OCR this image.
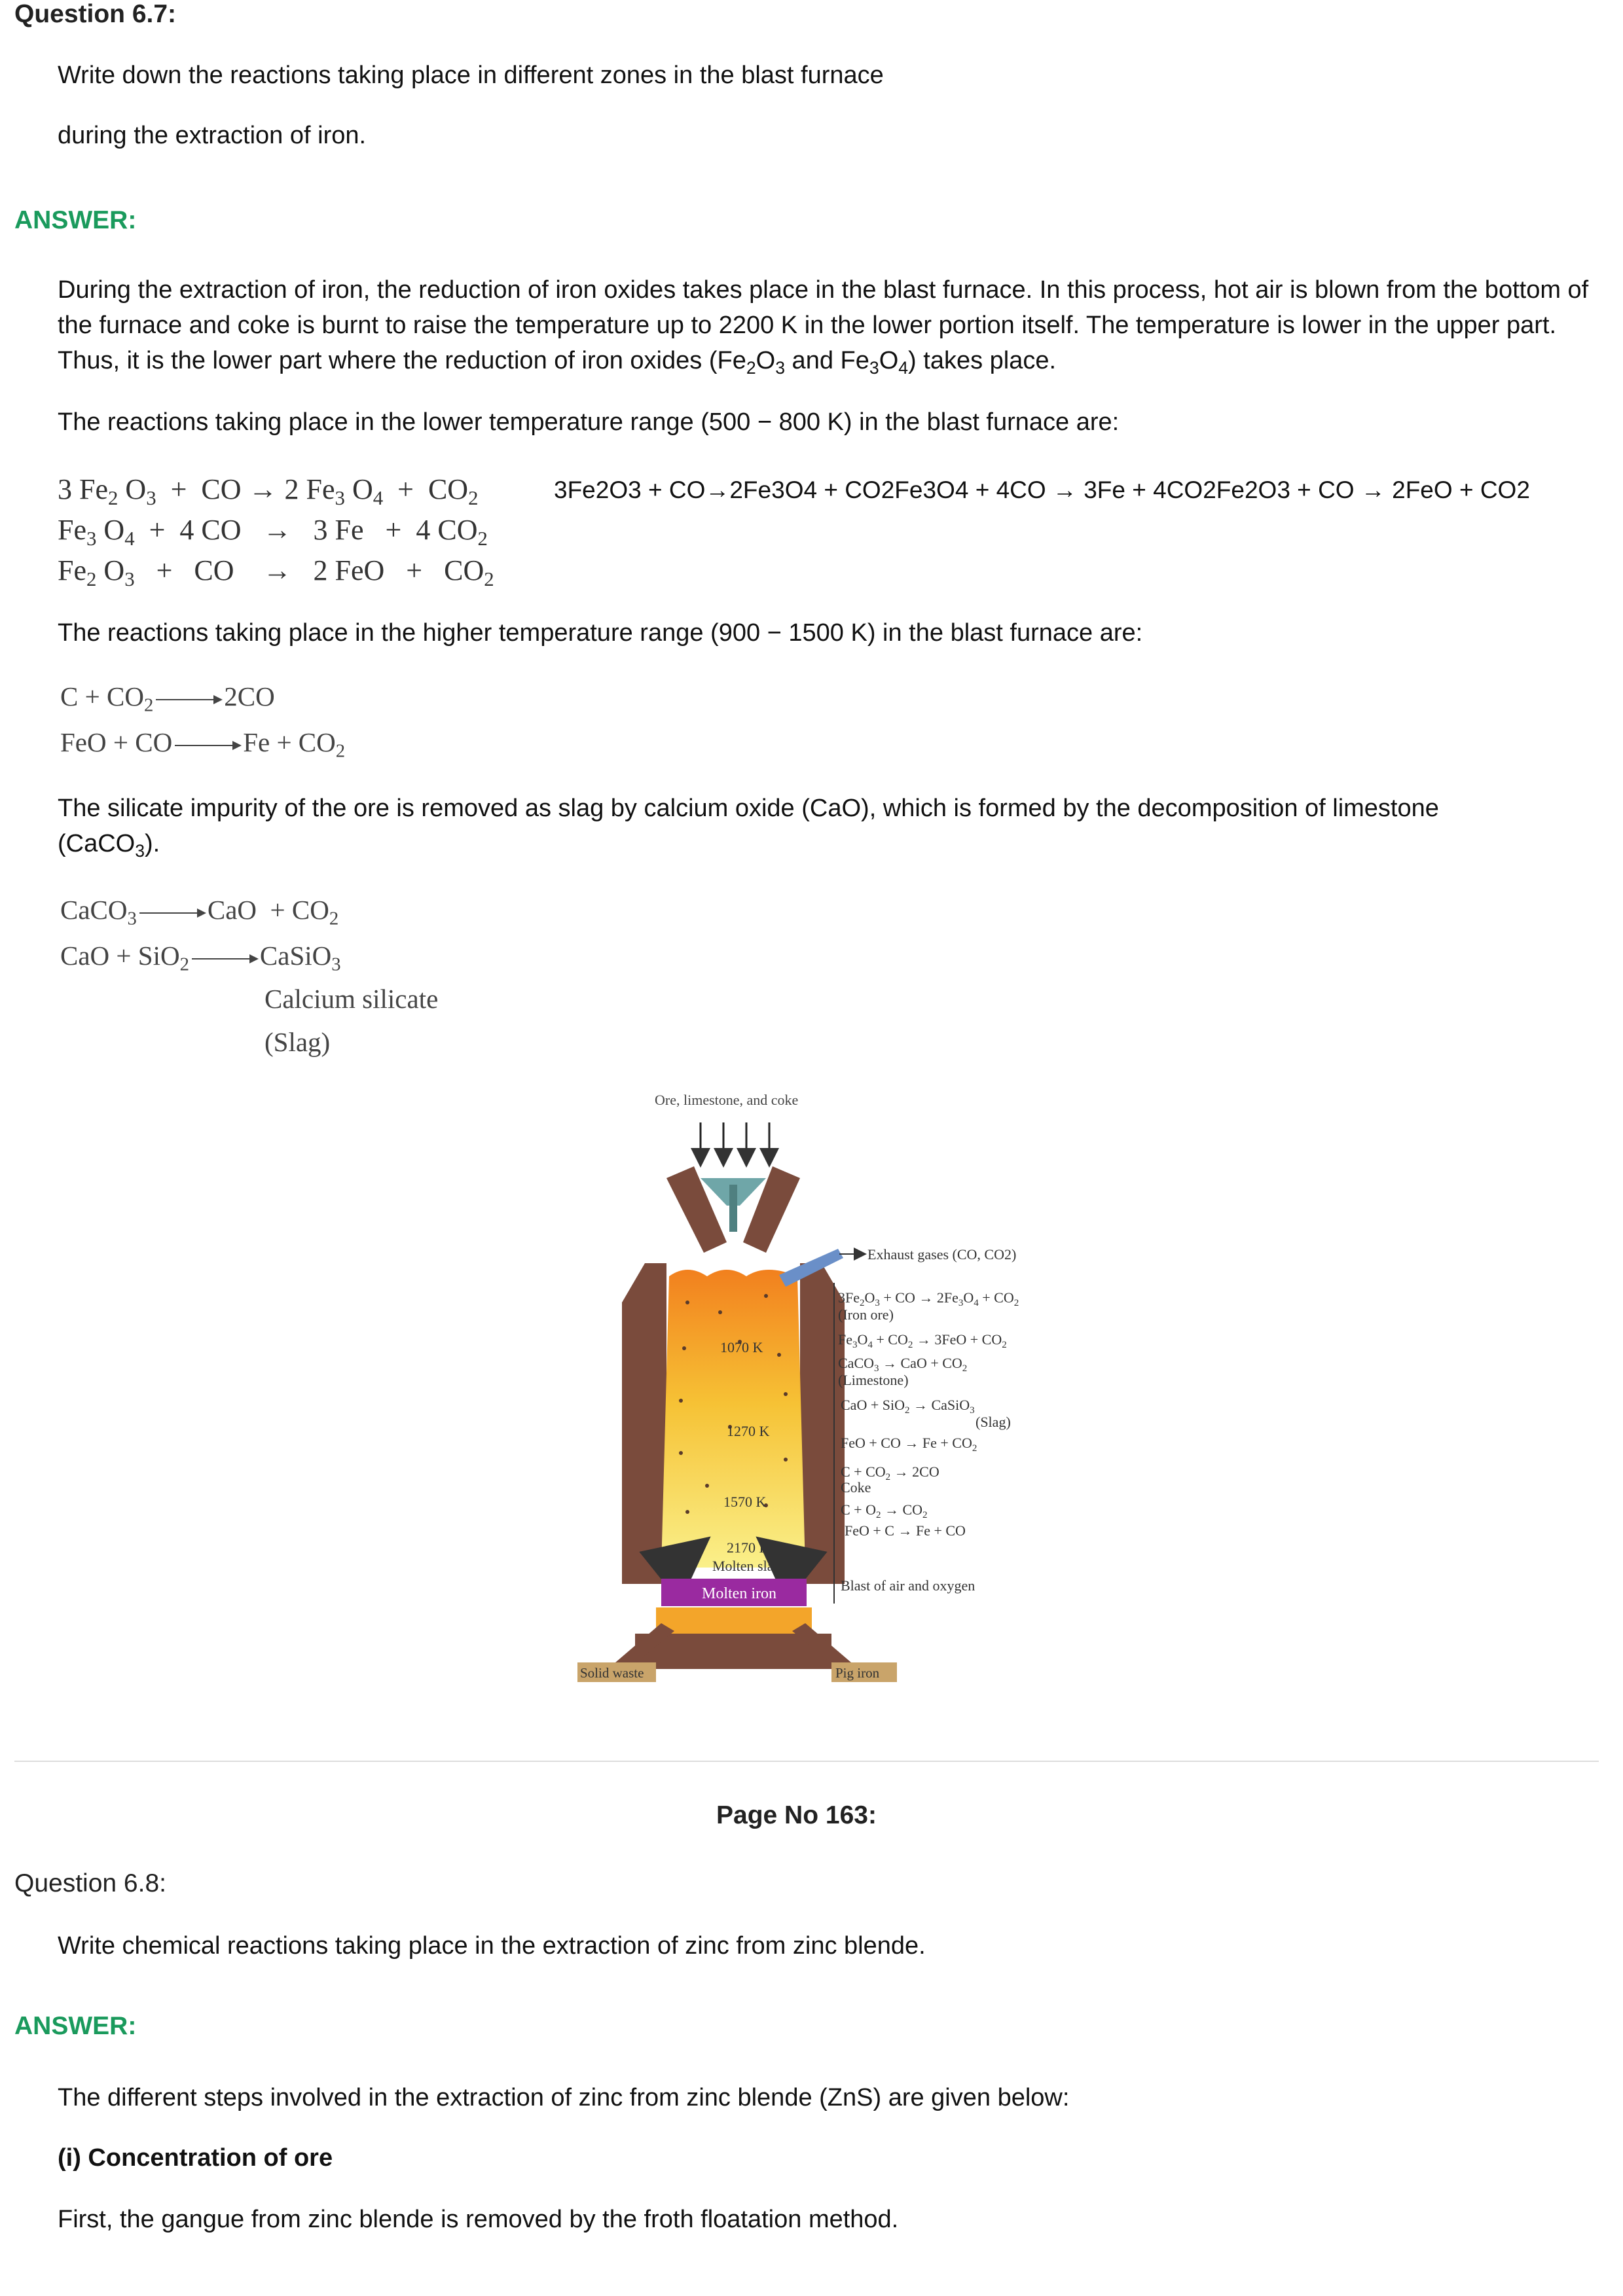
Question 6.7:
Write down the reactions taking place in different zones in the blast furnace
during the extraction of iron.
ANSWER:
During the extraction of iron, the reduction of iron oxides takes place in the blast furnace. In this process, hot air is blown from the bottom of the furnace and coke is burnt to raise the temperature up to 2200 K in the lower portion itself. The temperature is lower in the upper part. Thus, it is the lower part where the reduction of iron oxides ($Fe_2O_3$ and $Fe_3O_4$) takes place.
The reactions taking place in the lower temperature range (500 − 800 K) in the blast furnace are:
3 $Fe_2$ $O_3$  +  CO → 2 $Fe_3$ $O_4 + CO_2$	3Fe2O3 + CO→2Fe3O4 + CO2Fe3O4 + 4CO → 3Fe + 4CO2Fe2O3 + CO → 2FeO + CO2
$Fe_3$ $O_4 + 4$ CO   →   3 Fe   +  4 $CO_2$
$Fe_2$ $O_3$   +   CO    →   2 FeO   +   $CO_2$
The reactions taking place in the higher temperature range (900 − 1500 K) in the blast furnace are:
$C + CO_2$	2CO
FeO + CO	$Fe + CO_2$
The silicate impurity of the ore is removed as slag by calcium oxide (CaO), which is formed by the decomposition of limestone
(CaCO$_3$).
CaCO$_3$	CaO  + $CO_2$
CaO + SiO$_2$	CaSiO$_3$
Calcium silicate
(Slag)
Ore, limestone, and coke
1070 K
1270 K
1570 K
2170 K
Molten slag
Molten iron
Solid waste	Pig iron
Exhaust gases (CO, CO2)
$3Fe_2O_3$ + CO → $2Fe_3O_4 + CO_2$
(Iron ore)
$Fe_3O_4 + CO_2 \to 3FeO + CO_2$
CaCO$_3$ → CaO + $CO_2$
(Limestone)
CaO + SiO$_2$ → CaSiO$_3$
(Slag)
FeO + CO → $Fe + CO_2$
$C + CO_2 \to 2CO$
Coke
$C + O_2 \to CO_2$
FeO + C → Fe + CO
Blast of air and oxygen
Page No 163:
Question 6.8:
Write chemical reactions taking place in the extraction of zinc from zinc blende.
ANSWER:
The different steps involved in the extraction of zinc from zinc blende (ZnS) are given below:
(i) Concentration of ore
First, the gangue from zinc blende is removed by the froth floatation method.
